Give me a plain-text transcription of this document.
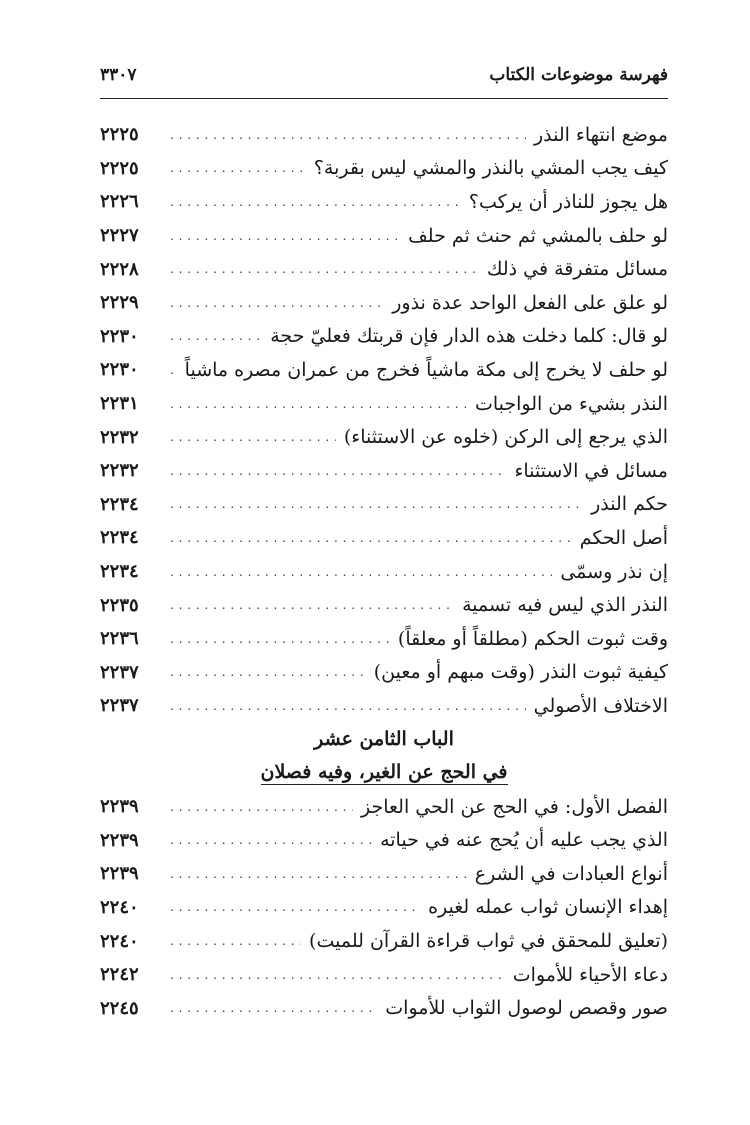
فهرسة موضوعات الكتاب
٣٣٠٧
موضع انتهاء النذر
. . .
٢٢٢٥
كيف يجب المشي بالنذر والمشي ليس بقربة؟
. . .
٢٢٢٥
هل يجوز للناذر أن يركب؟
. . .
٢٢٢٦
لو حلف بالمشي ثم حنث ثم حلف
. . .
٢٢٢٧
مسائل متفرقة في ذلك
. . .
٢٢٢٨
لو علق على الفعل الواحد عدة نذور
. . .
٢٢٢٩
لو قال: كلما دخلت هذه الدار فإن قربتك فعليّ حجة
. . .
٢٢٣٠
لو حلف لا يخرج إلى مكة ماشياً فخرج من عمران مصره ماشياً
. . .
٢٢٣٠
النذر بشيء من الواجبات
. . .
٢٢٣١
الذي يرجع إلى الركن (خلوه عن الاستثناء)
. . .
٢٢٣٢
مسائل في الاستثناء
. . .
٢٢٣٢
حكم النذر
. . .
٢٢٣٤
أصل الحكم
. . .
٢٢٣٤
إن نذر وسمّى
. . .
٢٢٣٤
النذر الذي ليس فيه تسمية
. . .
٢٢٣٥
وقت ثبوت الحكم (مطلقاً أو معلقاً)
. . .
٢٢٣٦
كيفية ثبوت النذر (وقت مبهم أو معين)
. . .
٢٢٣٧
الاختلاف الأصولي
. . .
٢٢٣٧
الباب الثامن عشر
في الحج عن الغير، وفيه فصلان
الفصل الأول: في الحج عن الحي العاجز
. . .
٢٢٣٩
الذي يجب عليه أن يُحج عنه في حياته
. . .
٢٢٣٩
أنواع العبادات في الشرع
. . .
٢٢٣٩
إهداء الإنسان ثواب عمله لغيره
. . .
٢٢٤٠
(تعليق للمحقق في ثواب قراءة القرآن للميت)
. . .
٢٢٤٠
دعاء الأحياء للأموات
. . .
٢٢٤٢
صور وقصص لوصول الثواب للأموات
. . .
٢٢٤٥
